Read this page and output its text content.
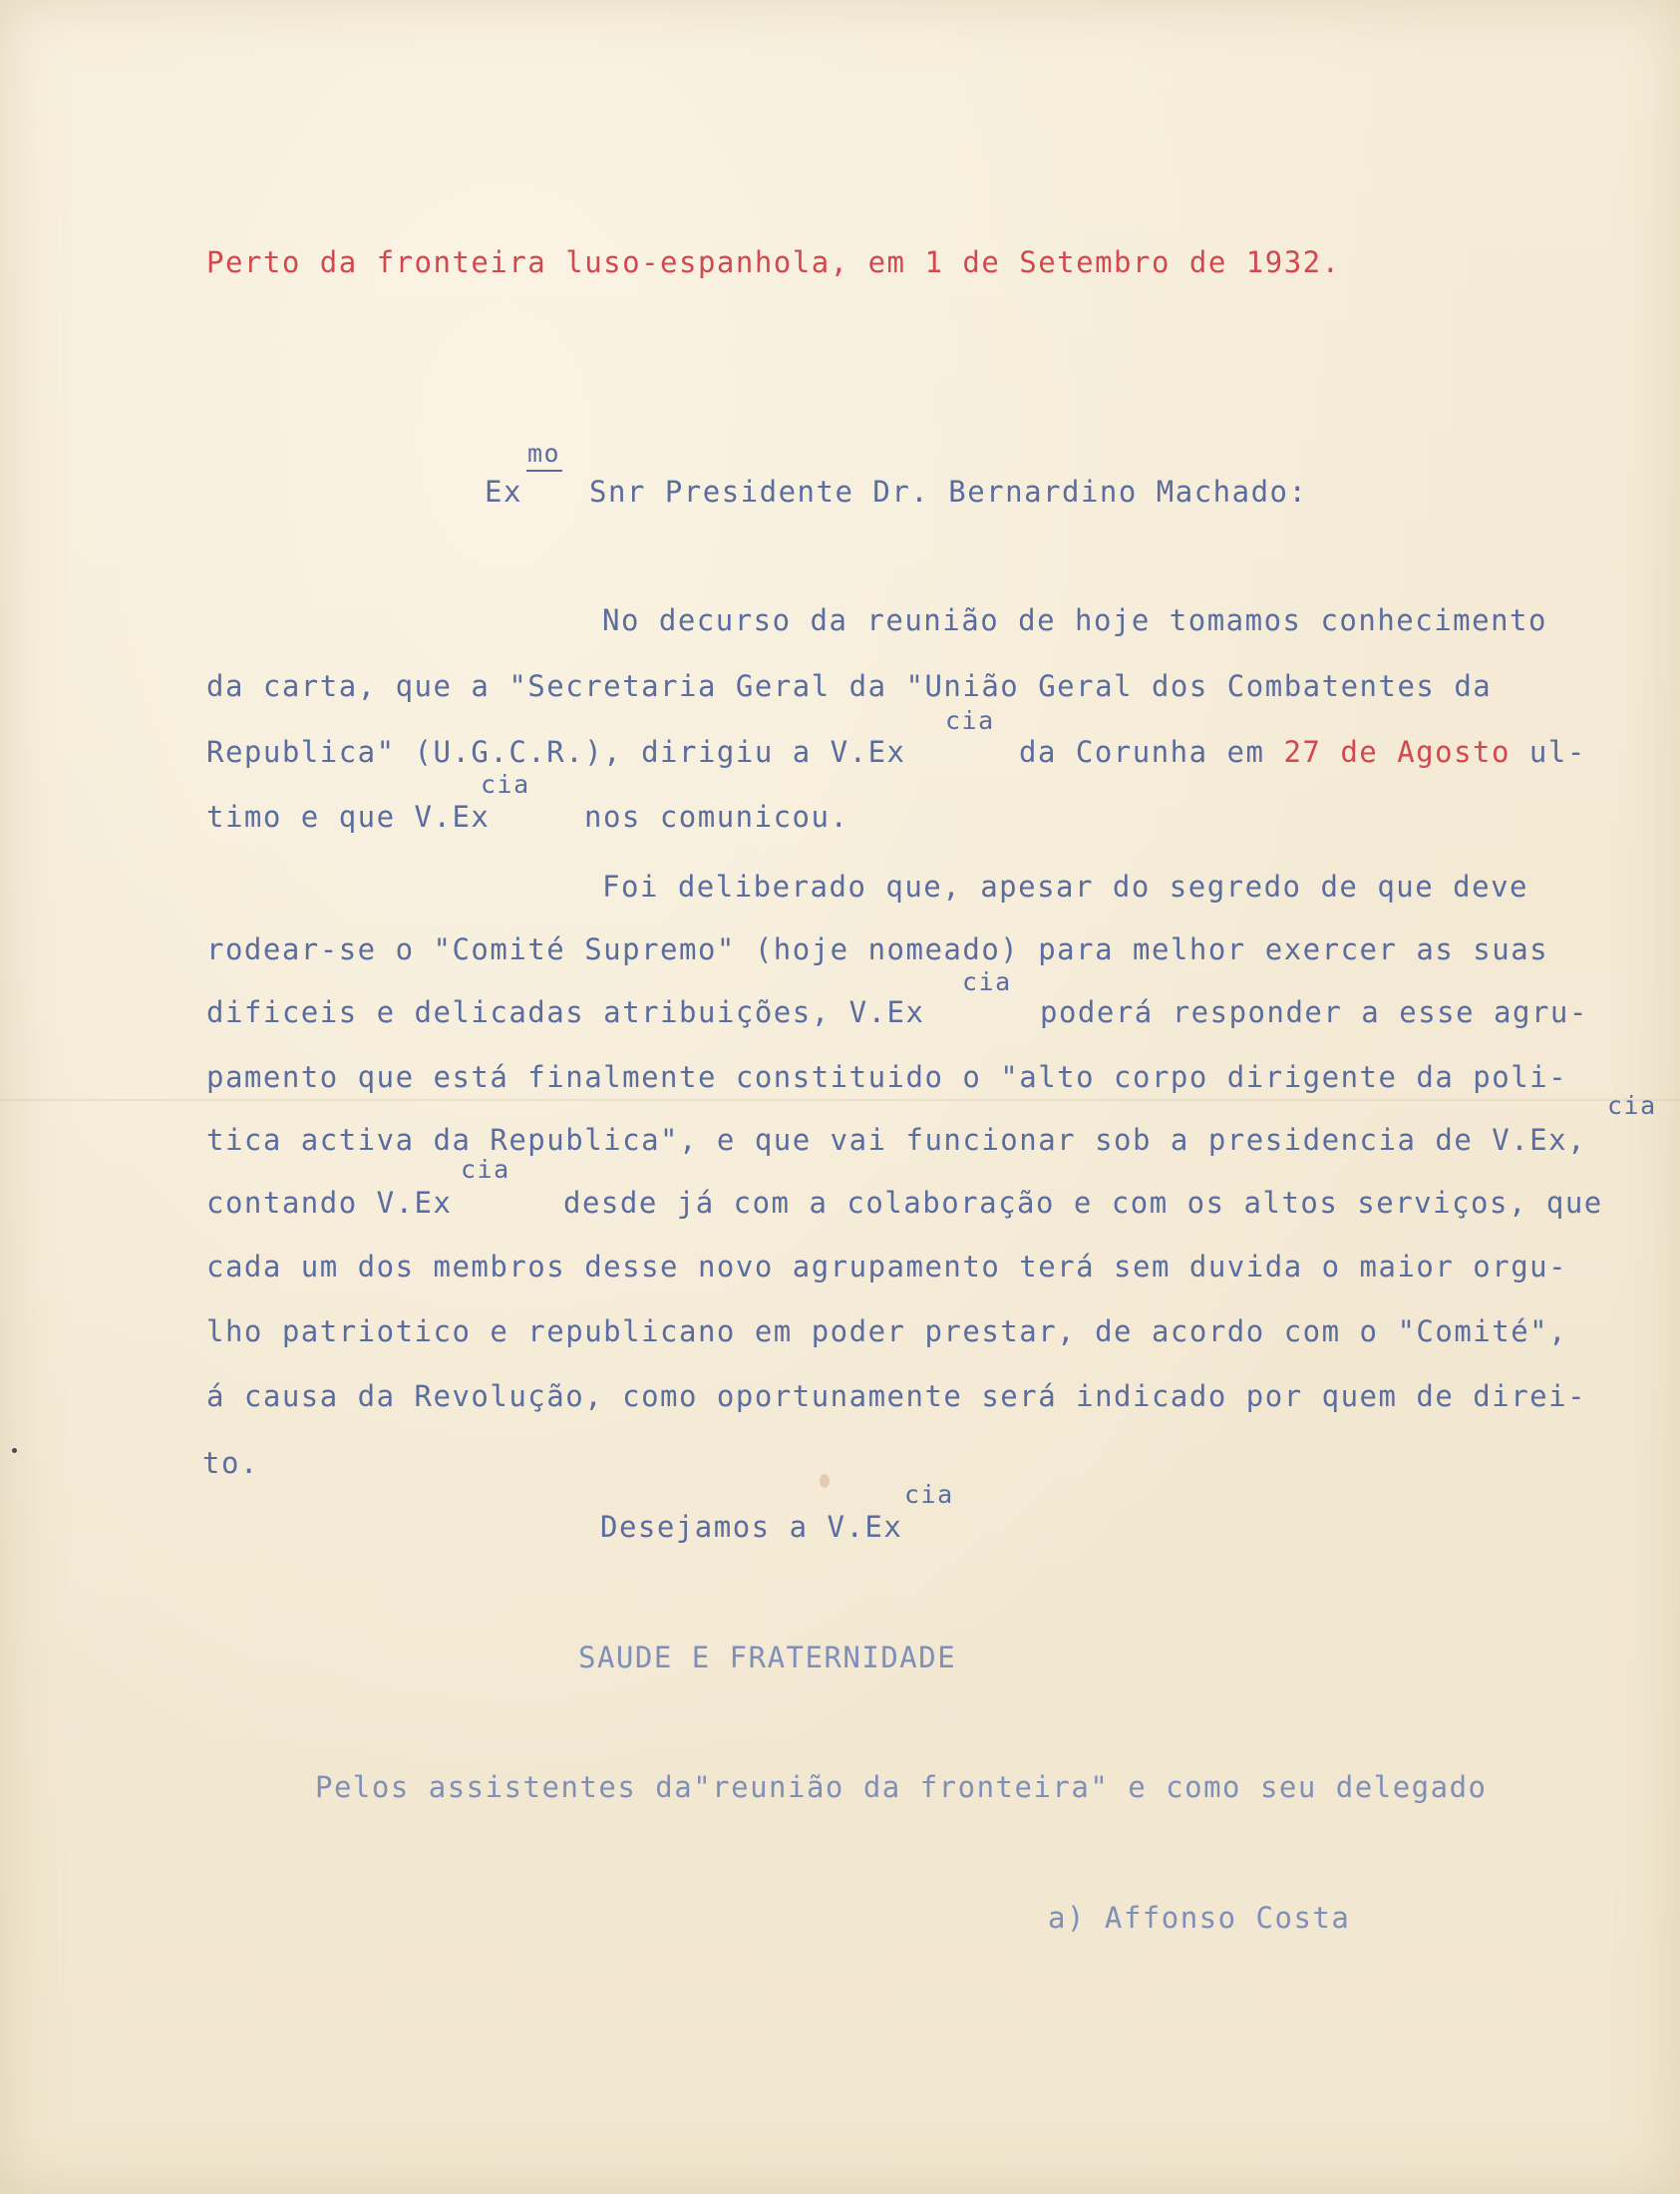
Perto da fronteira luso-espanhola, em 1 de Setembro de 1932.
mo
Ex Snr Presidente Dr. Bernardino Machado:
No decurso da reunião de hoje tomamos conhecimento
da carta, que a "Secretaria Geral da "União Geral dos Combatentes da
cia
Republica" (U.G.C.R.), dirigiu a V.Ex	da Corunha em 27 de Agosto ul-
cia
timo e que V.Ex	nos comunicou.
Foi deliberado que, apesar do segredo de que deve
rodear-se o "Comité Supremo" (hoje nomeado) para melhor exercer as suas
cia
dificeis e delicadas atribuições, V.Ex	poderá responder a esse agru-
pamento que está finalmente constituido o "alto corpo dirigente da poli-
cia
tica activa da Republica", e que vai funcionar sob a presidencia de V.Ex,
cia
contando V.Ex	desde já com a colaboração e com os altos serviços, que
cada um dos membros desse novo agrupamento terá sem duvida o maior orgu-
lho patriotico e republicano em poder prestar, de acordo com o "Comité",
á causa da Revolução, como oportunamente será indicado por quem de direi-
to.
cia
Desejamos a V.Ex
SAUDE E FRATERNIDADE
Pelos assistentes da"reunião da fronteira" e como seu delegado
a) Affonso Costa
